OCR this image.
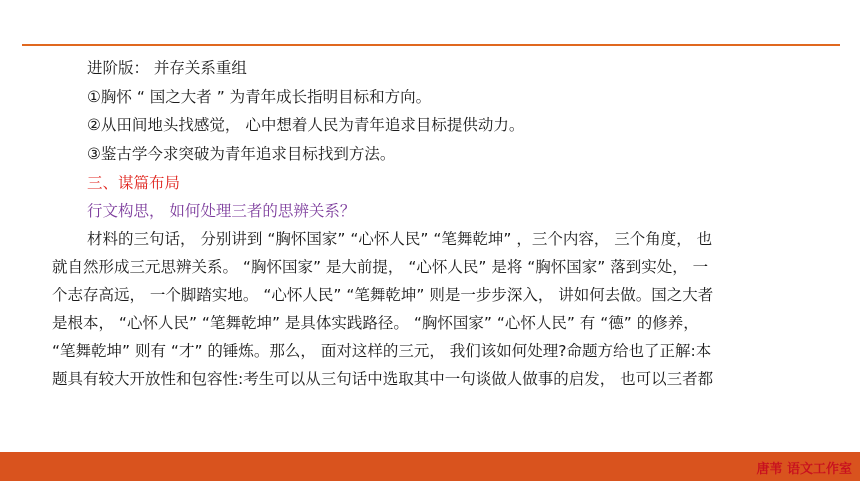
进阶版： 并存关系重组
①胸怀 “ 国之大者 ” 为青年成长指明目标和方向。
②从田间地头找感觉， 心中想着人民为青年追求目标提供动力。
③鉴古学今求突破为青年追求目标找到方法。
三、谋篇布局
行文构思， 如何处理三者的思辨关系？
材料的三句话， 分别讲到 “胸怀国家” “心怀人民” “笔舞乾坤” ，三个内容， 三个角度， 也
就自然形成三元思辨关系。 “胸怀国家” 是大前提， “心怀人民” 是将 “胸怀国家” 落到实处， 一
个志存高远， 一个脚踏实地。 “心怀人民” “笔舞乾坤” 则是一步步深入， 讲如何去做。国之大者
是根本， “心怀人民” “笔舞乾坤” 是具体实践路径。 “胸怀国家” “心怀人民” 有 “德” 的修养，
“笔舞乾坤” 则有 “才” 的锤炼。那么， 面对这样的三元， 我们该如何处理?命题方给也了正解:本
题具有较大开放性和包容性:考生可以从三句话中选取其中一句谈做人做事的启发， 也可以三者都
唐苇 语文工作室
